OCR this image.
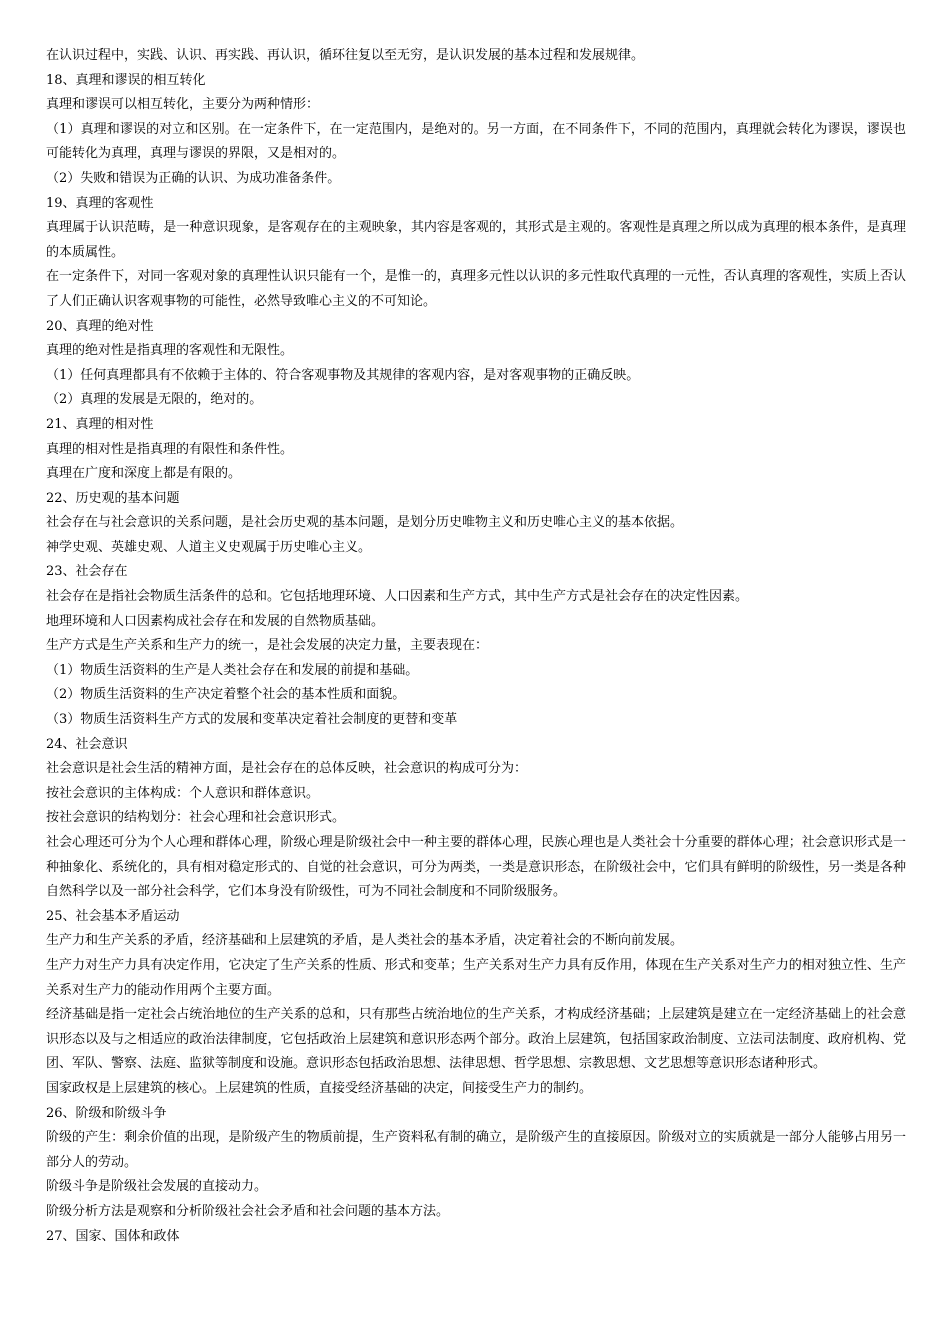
在认识过程中，实践、认识、再实践、再认识，循环往复以至无穷，是认识发展的基本过程和发展规律。

18、真理和谬误的相互转化

真理和谬误可以相互转化，主要分为两种情形：

（1）真理和谬误的对立和区别。在一定条件下，在一定范围内，是绝对的。另一方面，在不同条件下，不同的范围内，真理就会转化为谬误，谬误也可能转化为真理，真理与谬误的界限，又是相对的。

（2）失败和错误为正确的认识、为成功准备条件。

19、真理的客观性

真理属于认识范畴，是一种意识现象，是客观存在的主观映象，其内容是客观的，其形式是主观的。客观性是真理之所以成为真理的根本条件，是真理的本质属性。

在一定条件下，对同一客观对象的真理性认识只能有一个，是惟一的，真理多元性以认识的多元性取代真理的一元性，否认真理的客观性，实质上否认了人们正确认识客观事物的可能性，必然导致唯心主义的不可知论。

20、真理的绝对性

真理的绝对性是指真理的客观性和无限性。

（1）任何真理都具有不依赖于主体的、符合客观事物及其规律的客观内容，是对客观事物的正确反映。

（2）真理的发展是无限的，绝对的。

21、真理的相对性

真理的相对性是指真理的有限性和条件性。

真理在广度和深度上都是有限的。

22、历史观的基本问题

社会存在与社会意识的关系问题，是社会历史观的基本问题，是划分历史唯物主义和历史唯心主义的基本依据。

神学史观、英雄史观、人道主义史观属于历史唯心主义。

23、社会存在

社会存在是指社会物质生活条件的总和。它包括地理环境、人口因素和生产方式，其中生产方式是社会存在的决定性因素。

地理环境和人口因素构成社会存在和发展的自然物质基础。

生产方式是生产关系和生产力的统一，是社会发展的决定力量，主要表现在：

（1）物质生活资料的生产是人类社会存在和发展的前提和基础。

（2）物质生活资料的生产决定着整个社会的基本性质和面貌。

（3）物质生活资料生产方式的发展和变革决定着社会制度的更替和变革

24、社会意识

社会意识是社会生活的精神方面，是社会存在的总体反映，社会意识的构成可分为：

按社会意识的主体构成：个人意识和群体意识。

按社会意识的结构划分：社会心理和社会意识形式。

社会心理还可分为个人心理和群体心理，阶级心理是阶级社会中一种主要的群体心理，民族心理也是人类社会十分重要的群体心理；社会意识形式是一种抽象化、系统化的，具有相对稳定形式的、自觉的社会意识，可分为两类，一类是意识形态，在阶级社会中，它们具有鲜明的阶级性，另一类是各种自然科学以及一部分社会科学，它们本身没有阶级性，可为不同社会制度和不同阶级服务。

25、社会基本矛盾运动

生产力和生产关系的矛盾，经济基础和上层建筑的矛盾，是人类社会的基本矛盾，决定着社会的不断向前发展。

生产力对生产力具有决定作用，它决定了生产关系的性质、形式和变革；生产关系对生产力具有反作用，体现在生产关系对生产力的相对独立性、生产关系对生产力的能动作用两个主要方面。

经济基础是指一定社会占统治地位的生产关系的总和，只有那些占统治地位的生产关系，才构成经济基础；上层建筑是建立在一定经济基础上的社会意识形态以及与之相适应的政治法律制度，它包括政治上层建筑和意识形态两个部分。政治上层建筑，包括国家政治制度、立法司法制度、政府机构、党团、军队、警察、法庭、监狱等制度和设施。意识形态包括政治思想、法律思想、哲学思想、宗教思想、文艺思想等意识形态诸种形式。

国家政权是上层建筑的核心。上层建筑的性质，直接受经济基础的决定，间接受生产力的制约。

26、阶级和阶级斗争

阶级的产生：剩余价值的出现，是阶级产生的物质前提，生产资料私有制的确立，是阶级产生的直接原因。阶级对立的实质就是一部分人能够占用另一部分人的劳动。

阶级斗争是阶级社会发展的直接动力。

阶级分析方法是观察和分析阶级社会社会矛盾和社会问题的基本方法。

27、国家、国体和政体
